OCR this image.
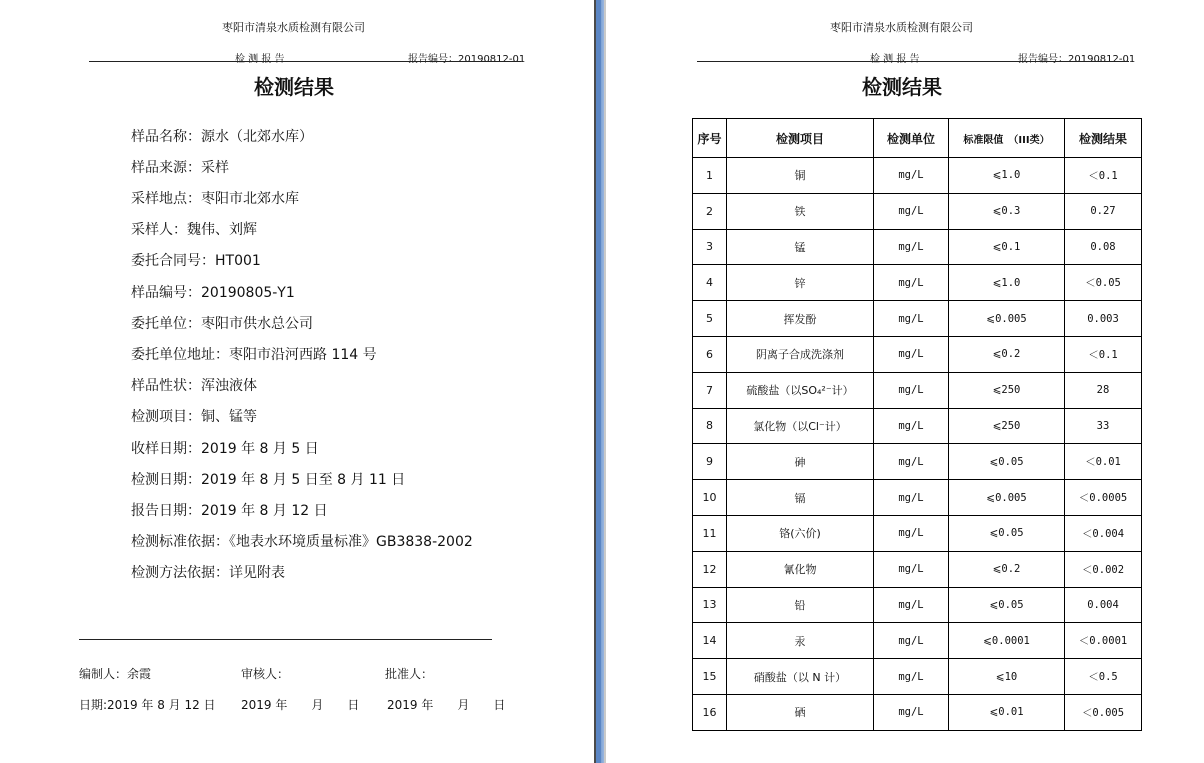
枣阳市清泉水质检测有限公司
检 测 报 告	报告编号：20190812-01
检测结果
样品名称：源水（北郊水库）
样品来源：采样
采样地点：枣阳市北郊水库
采样人：魏伟、刘辉
委托合同号：HT001
样品编号：20190805-Y1
委托单位：枣阳市供水总公司
委托单位地址：枣阳市沿河西路 114 号
样品性状：浑浊液体
检测项目：铜、锰等
收样日期：2019 年 8 月 5 日
检测日期：2019 年 8 月 5 日至 8 月 11 日
报告日期：2019 年 8 月 12 日
检测标准依据：《地表水环境质量标准》GB3838-2002
检测方法依据：详见附表
编制人：余霞	审核人：	批准人：
日期:2019 年 8 月 12 日 2019 年　　月　　日 2019 年　　月　　日
枣阳市清泉水质检测有限公司
检 测 报 告	报告编号：20190812-01
检测结果
序号	检测项目	检测单位	标准限值　（III类）	检测结果
1	铜	mg/L	⩽1.0	＜0.1
2	铁	mg/L	⩽0.3	0.27
3	锰	mg/L	⩽0.1	0.08
4	锌	mg/L	⩽1.0	＜0.05
5	挥发酚	mg/L	⩽0.005	0.003
6	阴离子合成洗涤剂	mg/L	⩽0.2	＜0.1
7	硫酸盐（以SO₄²⁻计）	mg/L	⩽250	28
8	氯化物（以Cl⁻计）	mg/L	⩽250	33
9	砷	mg/L	⩽0.05	＜0.01
10	镉	mg/L	⩽0.005	＜0.0005
11	铬(六价)	mg/L	⩽0.05	＜0.004
12	氰化物	mg/L	⩽0.2	＜0.002
13	铅	mg/L	⩽0.05	0.004
14	汞	mg/L	⩽0.0001	＜0.0001
15	硝酸盐（以 N 计）	mg/L	⩽10	＜0.5
16	硒	mg/L	⩽0.01	＜0.005
